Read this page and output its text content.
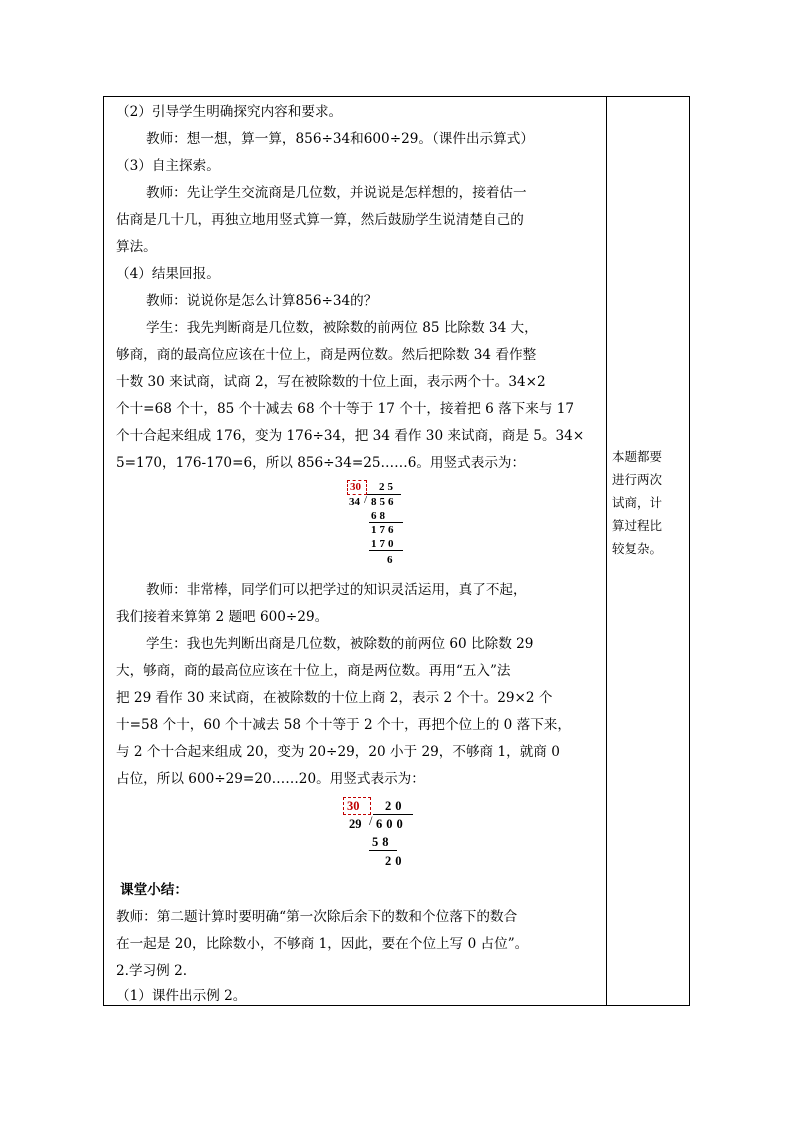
（2）引导学生明确探究内容和要求。
教师：想一想，算一算，856÷34和600÷29。（课件出示算式）
（3）自主探索。
教师：先让学生交流商是几位数，并说说是怎样想的，接着估一
估商是几十几，再独立地用竖式算一算，然后鼓励学生说清楚自己的
算法。
（4）结果回报。
教师：说说你是怎么计算856÷34的？
学生：我先判断商是几位数，被除数的前两位 85 比除数 34 大，
够商，商的最高位应该在十位上，商是两位数。然后把除数 34 看作整
十数 30 来试商，试商 2，写在被除数的十位上面，表示两个十。34×2
个十=68 个十，85 个十减去 68 个十等于 17 个十，接着把 6 落下来与 17
个十合起来组成 176，变为 176÷34，把 34 看作 30 来试商，商是 5。34×
5=170，176-170=6，所以 856÷34=25……6。用竖式表示为：
30 25
34 / 856
68
176
170
6
教师：非常棒，同学们可以把学过的知识灵活运用，真了不起，
我们接着来算第 2 题吧 600÷29。
学生：我也先判断出商是几位数，被除数的前两位 60 比除数 29
大，够商，商的最高位应该在十位上，商是两位数。再用“五入”法
把 29 看作 30 来试商，在被除数的十位上商 2，表示 2 个十。29×2 个
十=58 个十，60 个十减去 58 个十等于 2 个十，再把个位上的 0 落下来，
与 2 个十合起来组成 20，变为 20÷29，20 小于 29，不够商 1，就商 0
占位，所以 600÷29=20……20。用竖式表示为：
30 20
29 / 600
58
20
课堂小结：
教师：第二题计算时要明确“第一次除后余下的数和个位落下的数合
在一起是 20，比除数小，不够商 1，因此，要在个位上写 0 占位”。
2.学习例 2.
（1）课件出示例 2。
本题都要
进行两次
试商，计
算过程比
较复杂。
